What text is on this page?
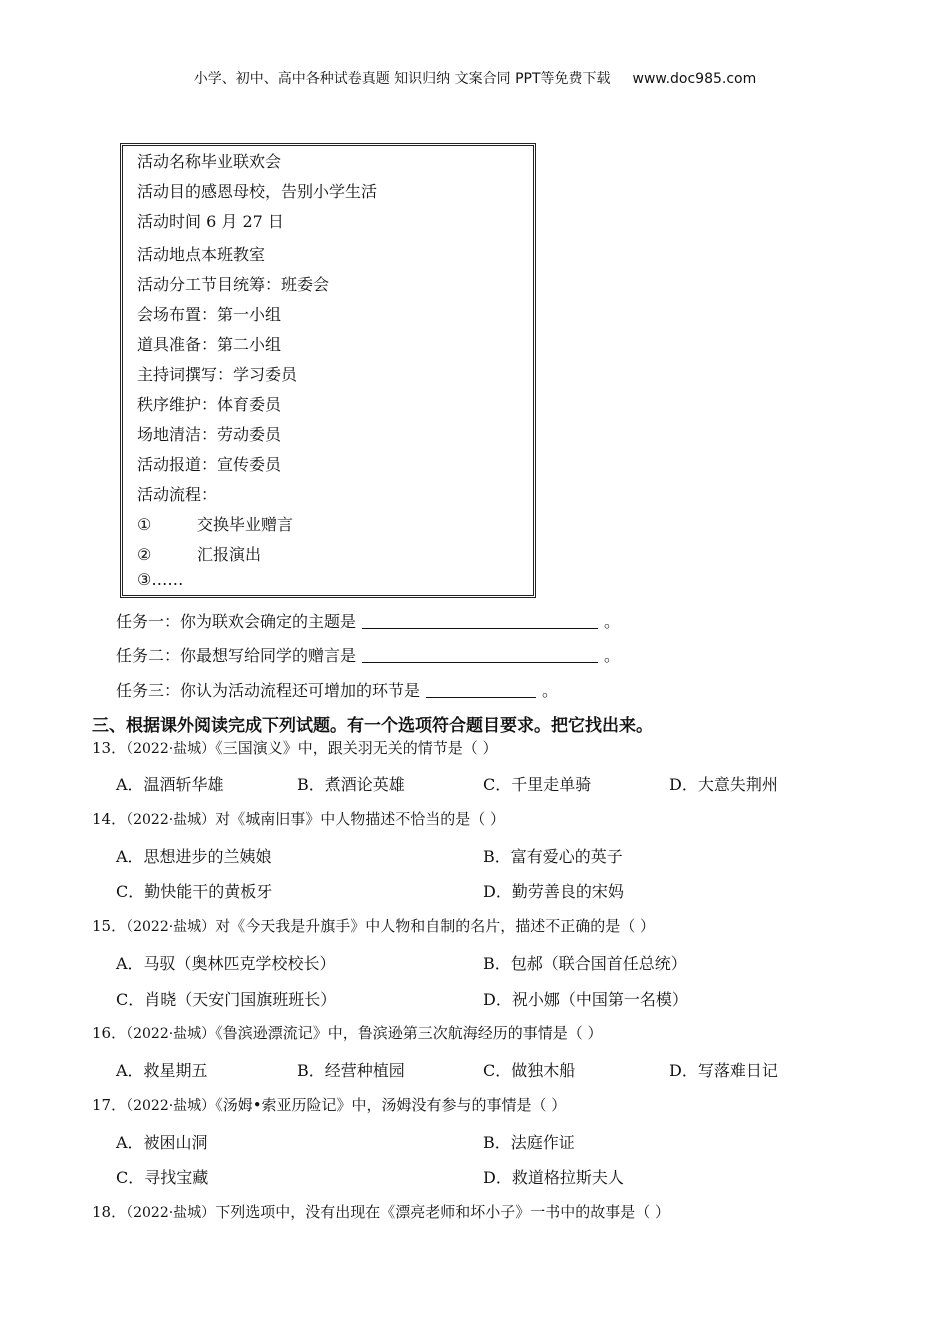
小学、初中、高中各种试卷真题 知识归纳 文案合同 PPT等免费下载 www.doc985.com
活动名称毕业联欢会
活动目的感恩母校，告别小学生活
活动时间 6 月 27 日
活动地点本班教室
活动分工节目统筹：班委会
会场布置：第一小组
道具准备：第二小组
主持词撰写：学习委员
秩序维护：体育委员
场地清洁：劳动委员
活动报道：宣传委员
活动流程：
①	交换毕业赠言
②	汇报演出
③……
任务一：你为联欢会确定的主题是	。
任务二：你最想写给同学的赠言是	。
任务三：你认为活动流程还可增加的环节是	。
三、根据课外阅读完成下列试题。有一个选项符合题目要求。把它找出来。
13．（2022·盐城）《三国演义》中，跟关羽无关的情节是（ ）
A．温酒斩华雄	B．煮酒论英雄	C．千里走单骑	D．大意失荆州
14．（2022·盐城）对《城南旧事》中人物描述不恰当的是（ ）
A．思想进步的兰姨娘	B．富有爱心的英子
C．勤快能干的黄板牙	D．勤劳善良的宋妈
15．（2022·盐城）对《今天我是升旗手》中人物和自制的名片，描述不正确的是（ ）
A．马驭（奥林匹克学校校长）	B．包郝（联合国首任总统）
C．肖晓（天安门国旗班班长）	D．祝小娜（中国第一名模）
16．（2022·盐城）《鲁滨逊漂流记》中，鲁滨逊第三次航海经历的事情是（ ）
A．救星期五	B．经营种植园	C．做独木船	D．写落难日记
17．（2022·盐城）《汤姆•索亚历险记》中，汤姆没有参与的事情是（ ）
A．被困山洞	B．法庭作证
C．寻找宝藏	D．救道格拉斯夫人
18．（2022·盐城）下列选项中，没有出现在《漂亮老师和坏小子》一书中的故事是（ ）
